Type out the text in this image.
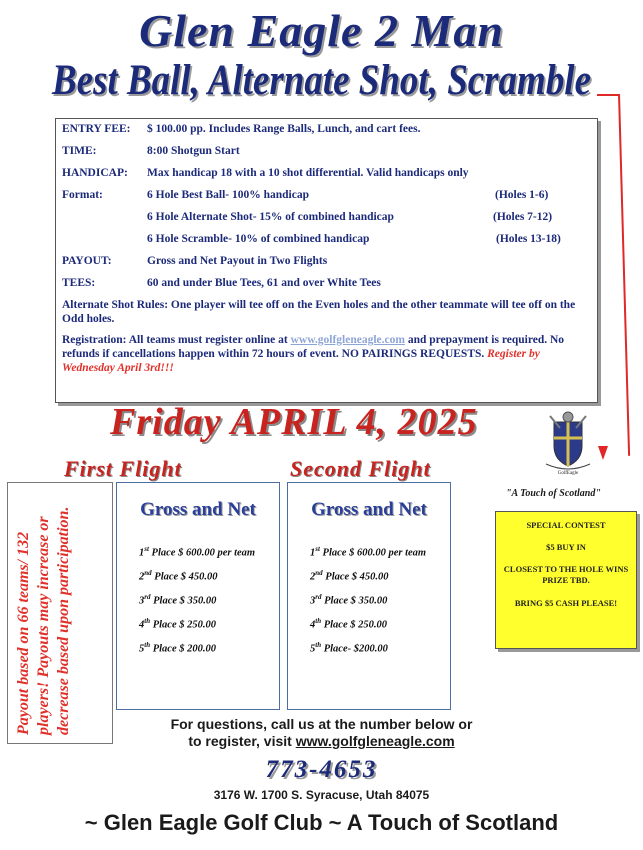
Glen Eagle 2 Man
Best Ball, Alternate Shot, Scramble
ENTRY FEE: $ 100.00 pp. Includes Range Balls, Lunch, and cart fees.
TIME:	8:00 Shotgun Start
HANDICAP: Max handicap 18 with a 10 shot differential. Valid handicaps only
Format:	6 Hole Best Ball- 100% handicap	(Holes 1-6)
6 Hole Alternate Shot- 15% of combined handicap	(Holes 7-12)
6 Hole Scramble- 10% of combined handicap	(Holes 13-18)
PAYOUT:	Gross and Net Payout in Two Flights
TEES:	60 and under Blue Tees, 61 and over White Tees
Alternate Shot Rules: One player will tee off on the Even holes and the other teammate will tee off on the Odd holes.
Registration: All teams must register online at www.golfgleneagle.com and prepayment is required. No refunds if cancellations happen within 72 hours of event. NO PAIRINGS REQUESTS. Register by Wednesday April 3rd!!!
Friday APRIL 4, 2025
GolfEagle
"A Touch of Scotland"
First Flight	Second Flight
Payout based on 66 teams/ 132 players! Payouts may increase or decrease based upon participation.	Gross and Net
1st Place $ 600.00 per team
2nd Place $ 450.00
3rd Place $ 350.00
4th Place $ 250.00
5th Place $ 200.00
Gross and Net
1st Place $ 600.00 per team
2nd Place $ 450.00
3rd Place $ 350.00
4th Place $ 250.00
5th Place- $200.00

SPECIAL CONTEST

$5 BUY IN

CLOSEST TO THE HOLE WINS PRIZE TBD.

BRING $5 CASH PLEASE!

For questions, call us at the number below or
to register, visit www.golfgleneagle.com
773-4653
3176 W. 1700 S. Syracuse, Utah 84075
~ Glen Eagle Golf Club ~ A Touch of Scotland
